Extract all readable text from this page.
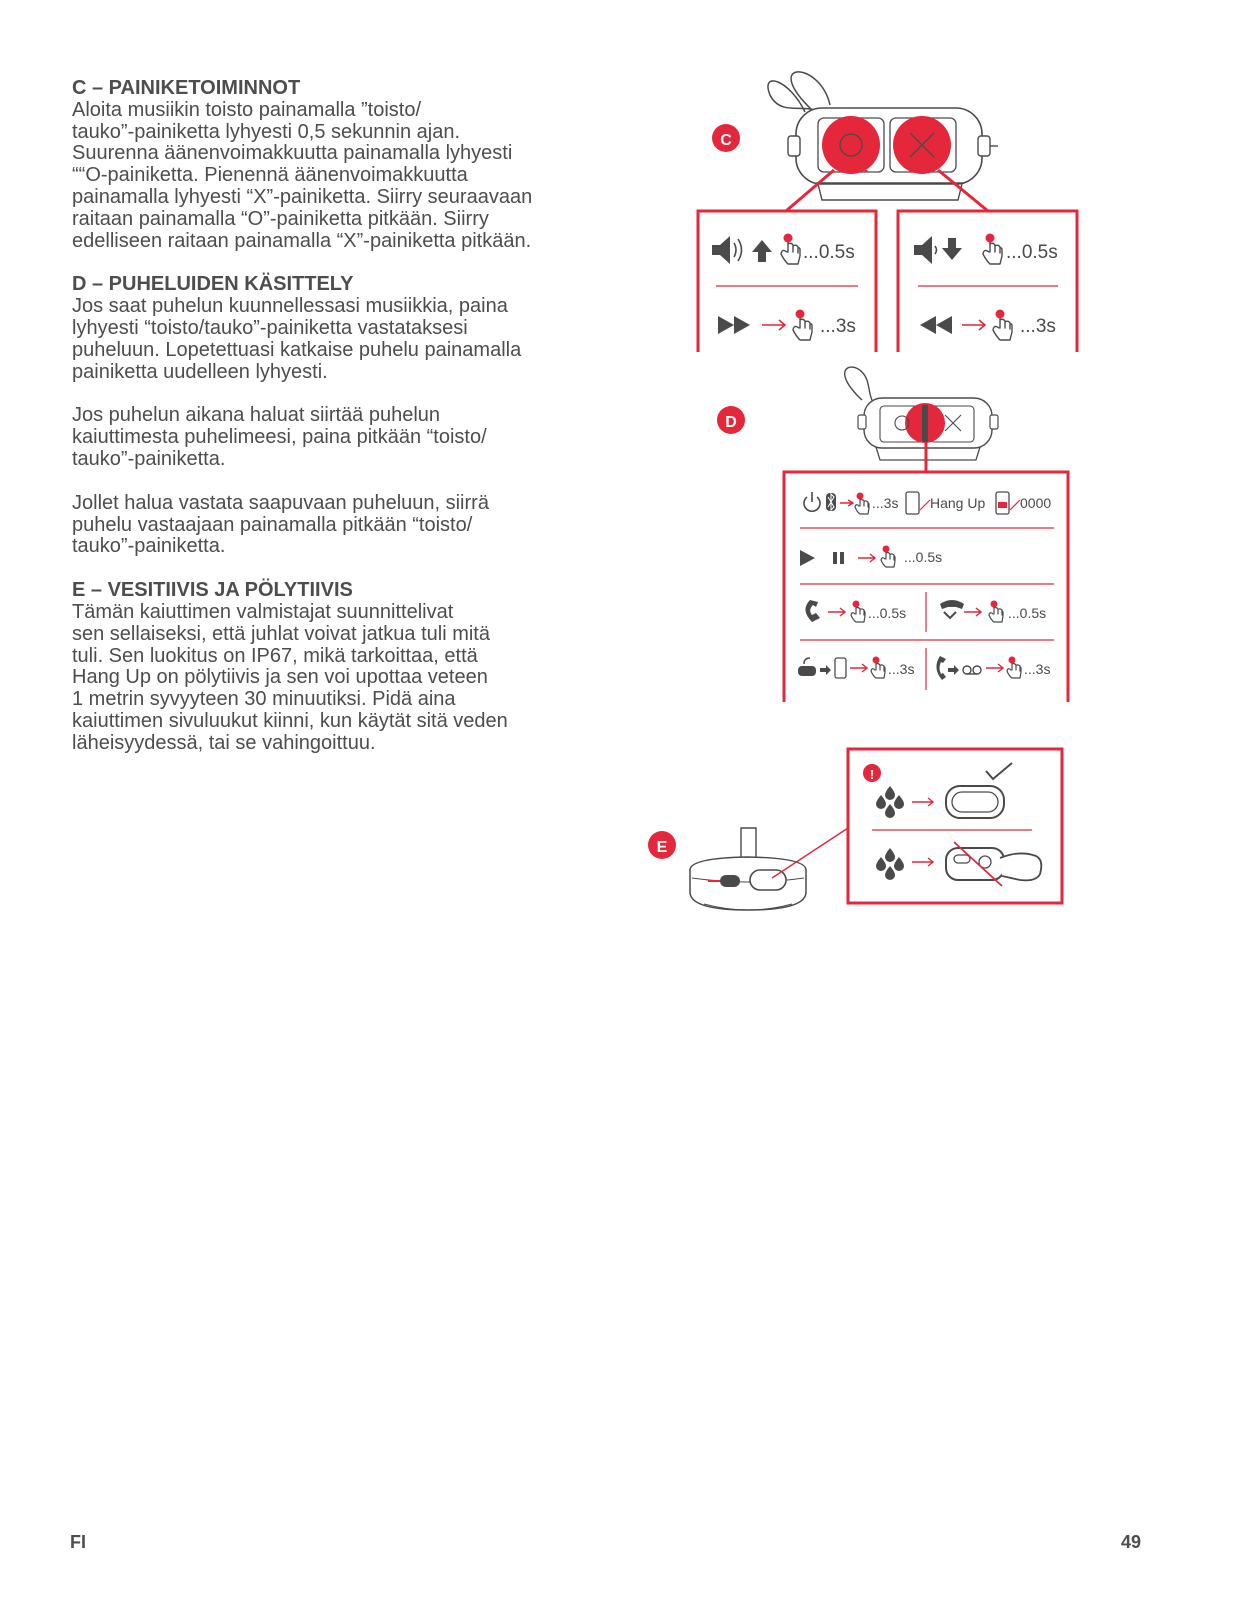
C – PAINIKETOIMINNOT

Aloita musiikin toisto painamalla ”toisto/
tauko”-painiketta lyhyesti 0,5 sekunnin ajan.
Suurenna äänenvoimakkuutta painamalla lyhyesti
““O-painiketta. Pienennä äänenvoimakkuutta
painamalla lyhyesti “X”-painiketta. Siirry seuraavaan
raitaan painamalla “O”-painiketta pitkään. Siirry
edelliseen raitaan painamalla “X”-painiketta pitkään.

D – PUHELUIDEN KÄSITTELY

Jos saat puhelun kuunnellessasi musiikkia, paina
lyhyesti “toisto/tauko”-painiketta vastataksesi
puheluun. Lopetettuasi katkaise puhelu painamalla
painiketta uudelleen lyhyesti.

Jos puhelun aikana haluat siirtää puhelun
kaiuttimesta puhelimeesi, paina pitkään “toisto/
tauko”-painiketta.

Jollet halua vastata saapuvaan puheluun, siirrä
puhelu vastaajaan painamalla pitkään “toisto/
tauko”-painiketta.

E – VESITIIVIS JA PÖLYTIIVIS

Tämän kaiuttimen valmistajat suunnittelivat
sen sellaiseksi, että juhlat voivat jatkua tuli mitä
tuli. Sen luokitus on IP67, mikä tarkoittaa, että
Hang Up on pölytiivis ja sen voi upottaa veteen
1 metrin syvyyteen 30 minuutiksi. Pidä aina
kaiuttimen sivuluukut kiinni, kun käytät sitä veden
läheisyydessä, tai se vahingoittuu.

C
...0.5s
...3s
...0.5s
...3s
D
...3s Hang Up 0000
...0.5s
...0.5s	...0.5s
...3s	...3s
E
!
FI	49
